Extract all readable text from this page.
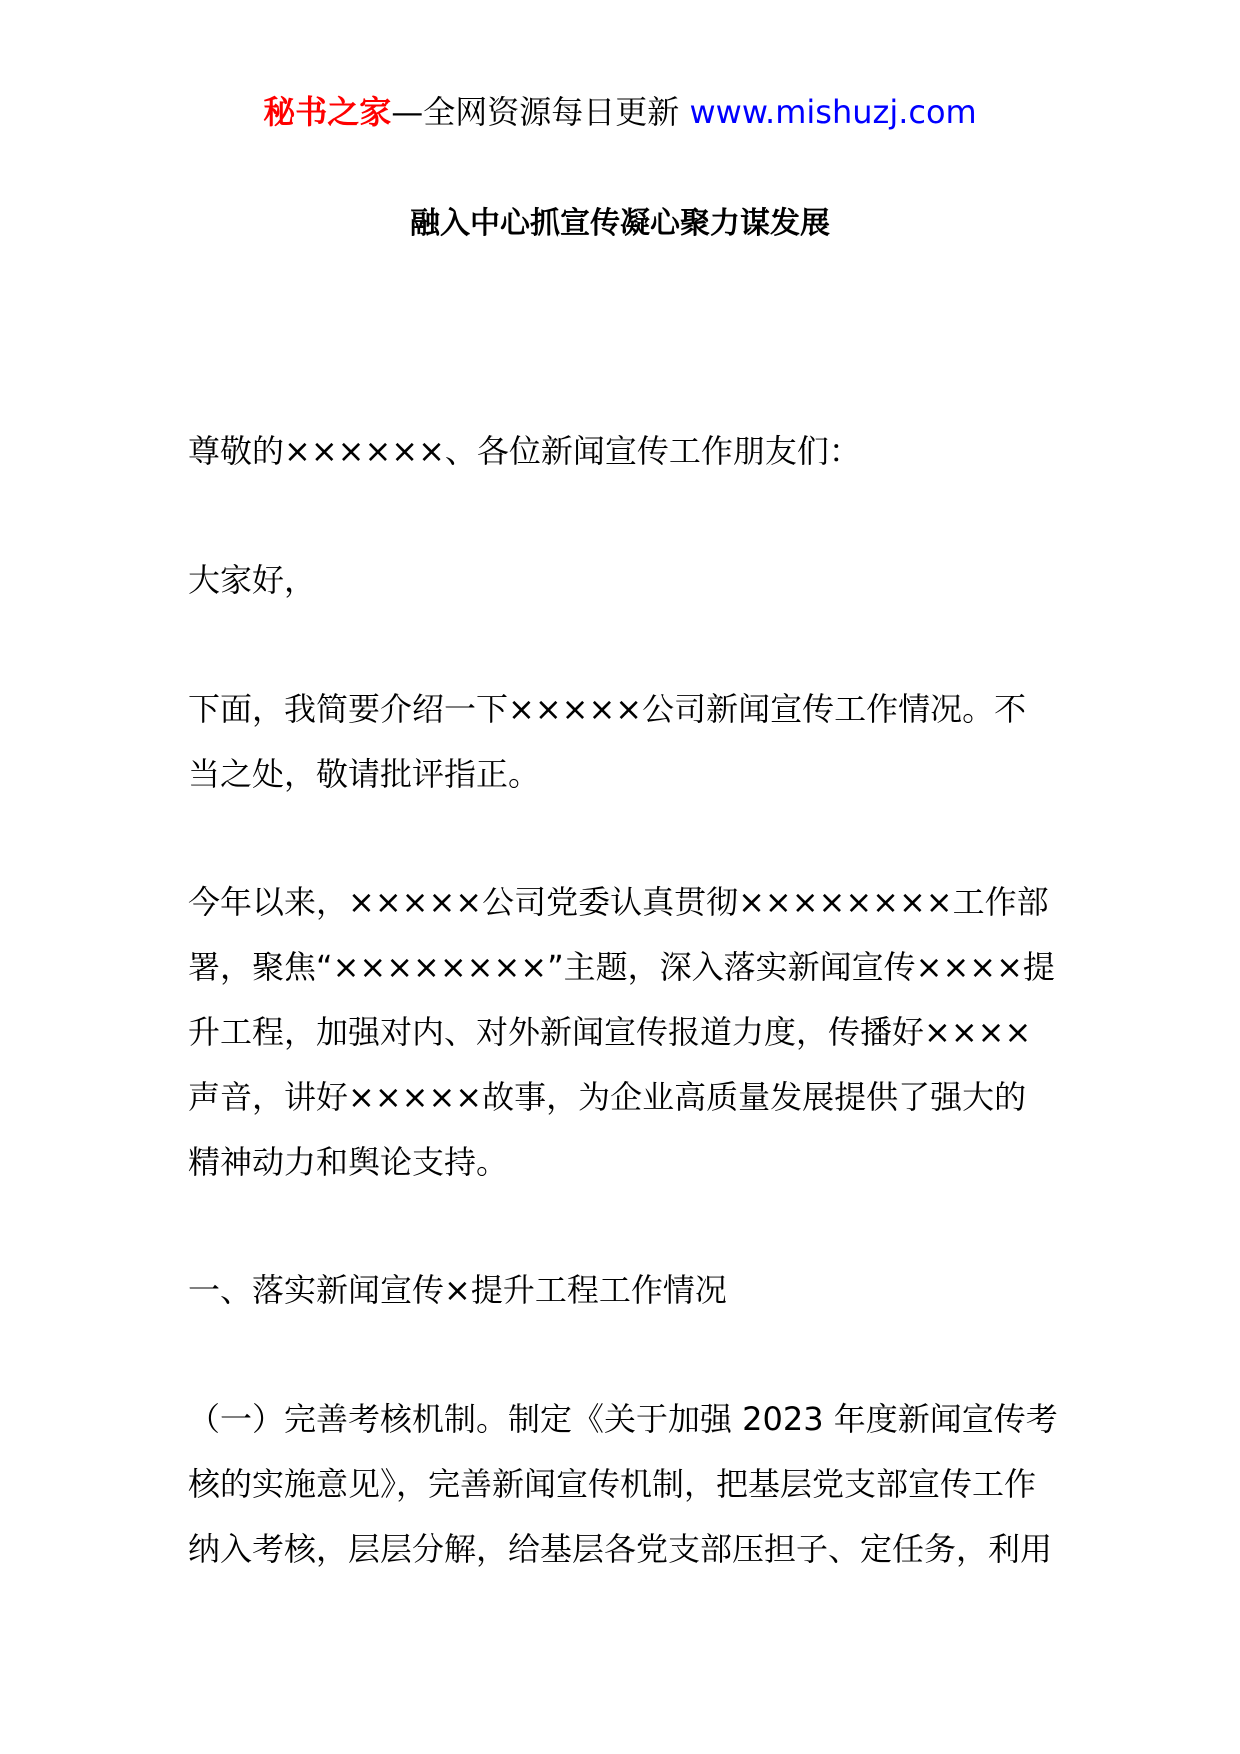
秘书之家—全网资源每日更新 www.mishuzj.com
融入中心抓宣传凝心聚力谋发展

尊敬的××××××、各位新闻宣传工作朋友们：

大家好，

下面，我简要介绍一下×××××公司新闻宣传工作情况。不当之处，敬请批评指正。

今年以来，×××××公司党委认真贯彻××××××××工作部署，聚焦“××××××××”主题，深入落实新闻宣传××××提升工程，加强对内、对外新闻宣传报道力度，传播好××××声音，讲好×××××故事，为企业高质量发展提供了强大的精神动力和舆论支持。

一、落实新闻宣传×提升工程工作情况

（一）完善考核机制。制定《关于加强 2023 年度新闻宣传考核的实施意见》，完善新闻宣传机制，把基层党支部宣传工作纳入考核，层层分解，给基层各党支部压担子、定任务，利用
